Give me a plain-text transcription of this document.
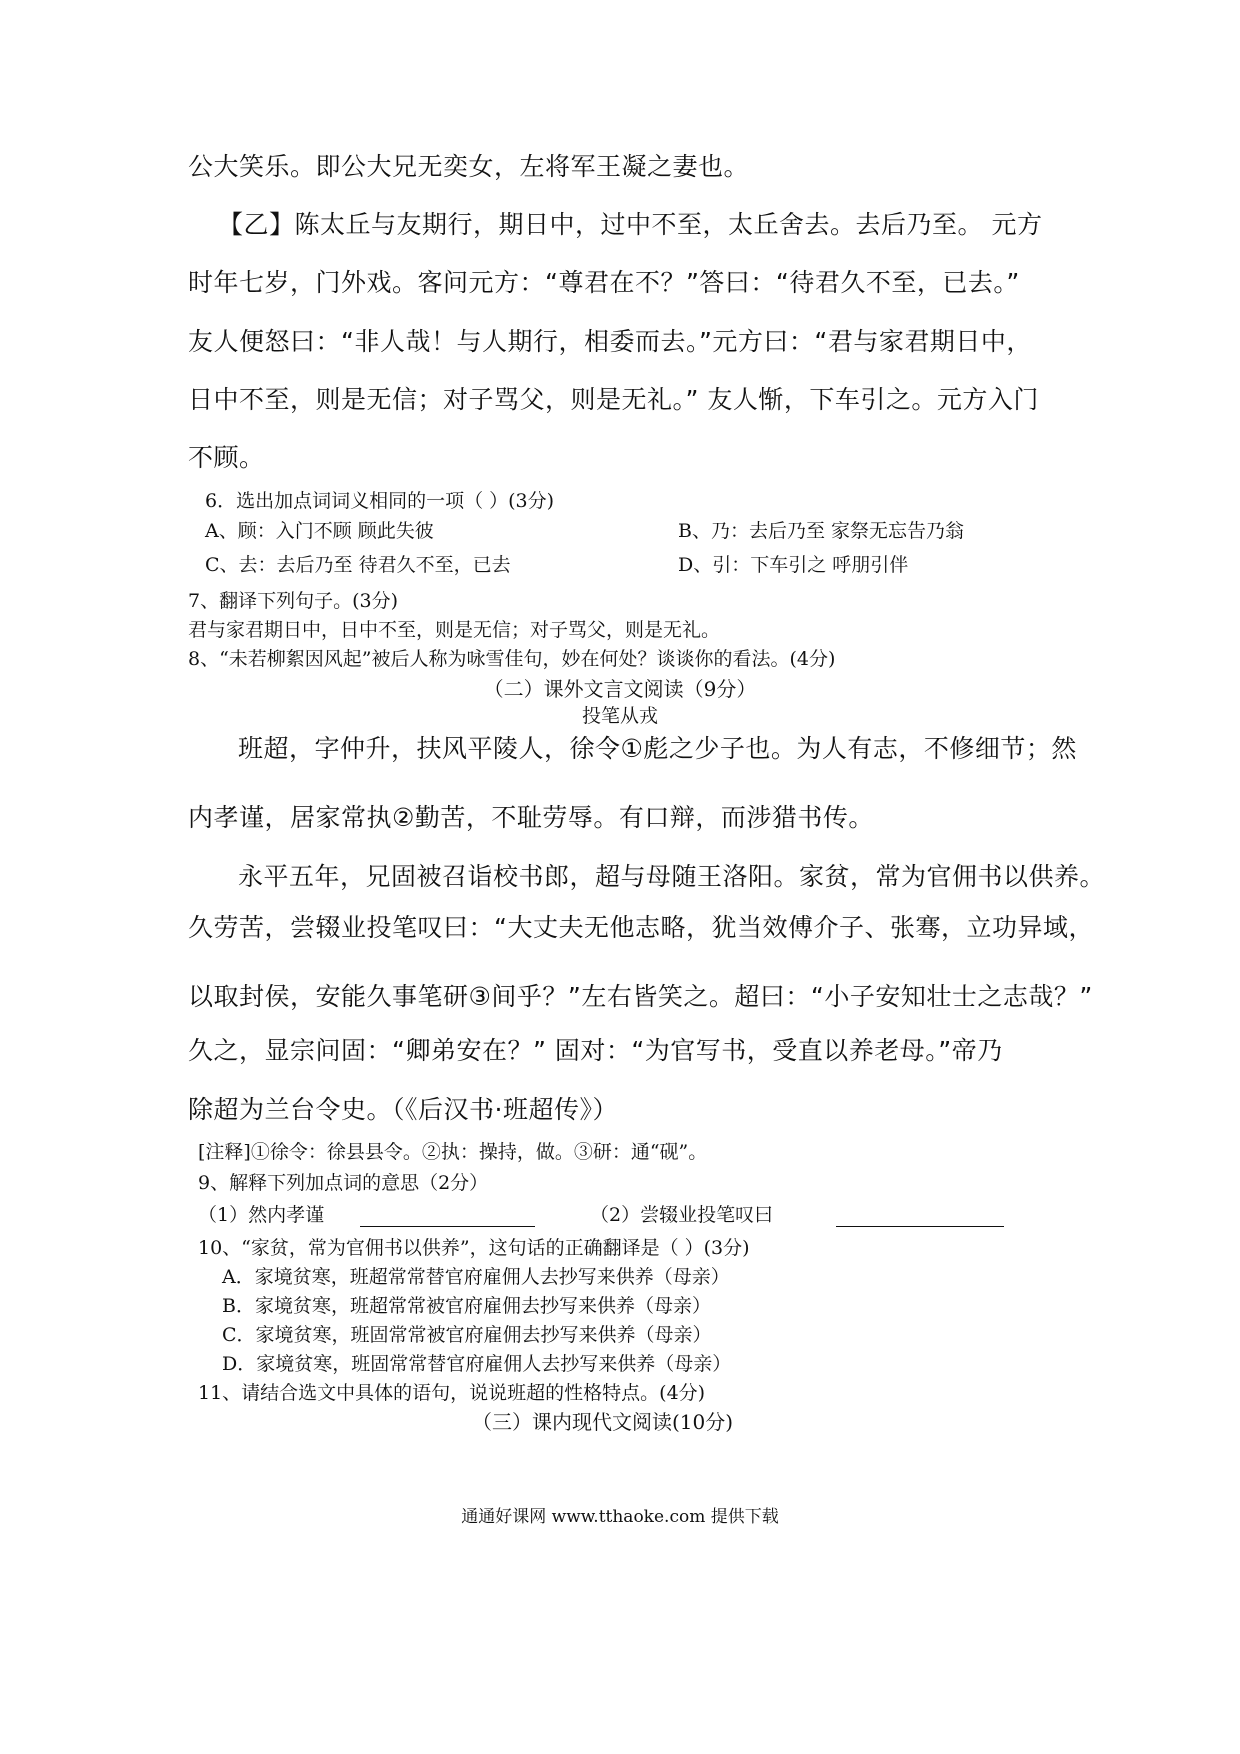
公大笑乐。即公大兄无奕女，左将军王凝之妻也。
【乙】陈太丘与友期行，期日中，过中不至，太丘舍去。去后乃至。 元方
时年七岁，门外戏。客问元方：“尊君在不？”答曰：“待君久不至，已去。”
友人便怒曰：“非人哉！与人期行，相委而去。”元方曰：“君与家君期日中，
日中不至，则是无信；对子骂父，则是无礼。” 友人惭，下车引之。元方入门
不顾。
6．选出加点词词义相同的一项（ ）(3分)
A、顾：入门不顾 顾此失彼	B、乃：去后乃至 家祭无忘告乃翁
C、去：去后乃至 待君久不至，已去	D、引：下车引之 呼朋引伴
7、翻译下列句子。(3分)
君与家君期日中，日中不至，则是无信；对子骂父，则是无礼。
8、“未若柳絮因风起”被后人称为咏雪佳句，妙在何处？谈谈你的看法。(4分)
（二）课外文言文阅读（9分）
投笔从戎
班超，字仲升，扶风平陵人，徐令①彪之少子也。为人有志，不修细节；然
内孝谨，居家常执②勤苦，不耻劳辱。有口辩，而涉猎书传。
永平五年，兄固被召诣校书郎，超与母随王洛阳。家贫，常为官佣书以供养。
久劳苦，尝辍业投笔叹曰：“大丈夫无他志略，犹当效傅介子、张骞，立功异域，
以取封侯，安能久事笔研③间乎？”左右皆笑之。超曰：“小子安知壮士之志哉？”
久之，显宗问固：“卿弟安在？” 固对：“为官写书，受直以养老母。”帝乃
除超为兰台令史。（《后汉书·班超传》）
[注释]①徐令：徐县县令。②执：操持，做。③研：通“砚”。
9、解释下列加点词的意思（2分）
（1）然内孝谨	（2）尝辍业投笔叹曰
10、“家贫，常为官佣书以供养”，这句话的正确翻译是（ ）(3分)
A．家境贫寒，班超常常替官府雇佣人去抄写来供养（母亲）
B．家境贫寒，班超常常被官府雇佣去抄写来供养（母亲）
C．家境贫寒，班固常常被官府雇佣去抄写来供养（母亲）
D．家境贫寒，班固常常替官府雇佣人去抄写来供养（母亲）
11、请结合选文中具体的语句，说说班超的性格特点。(4分)
（三）课内现代文阅读(10分)
通通好课网 www.tthaoke.com 提供下载
